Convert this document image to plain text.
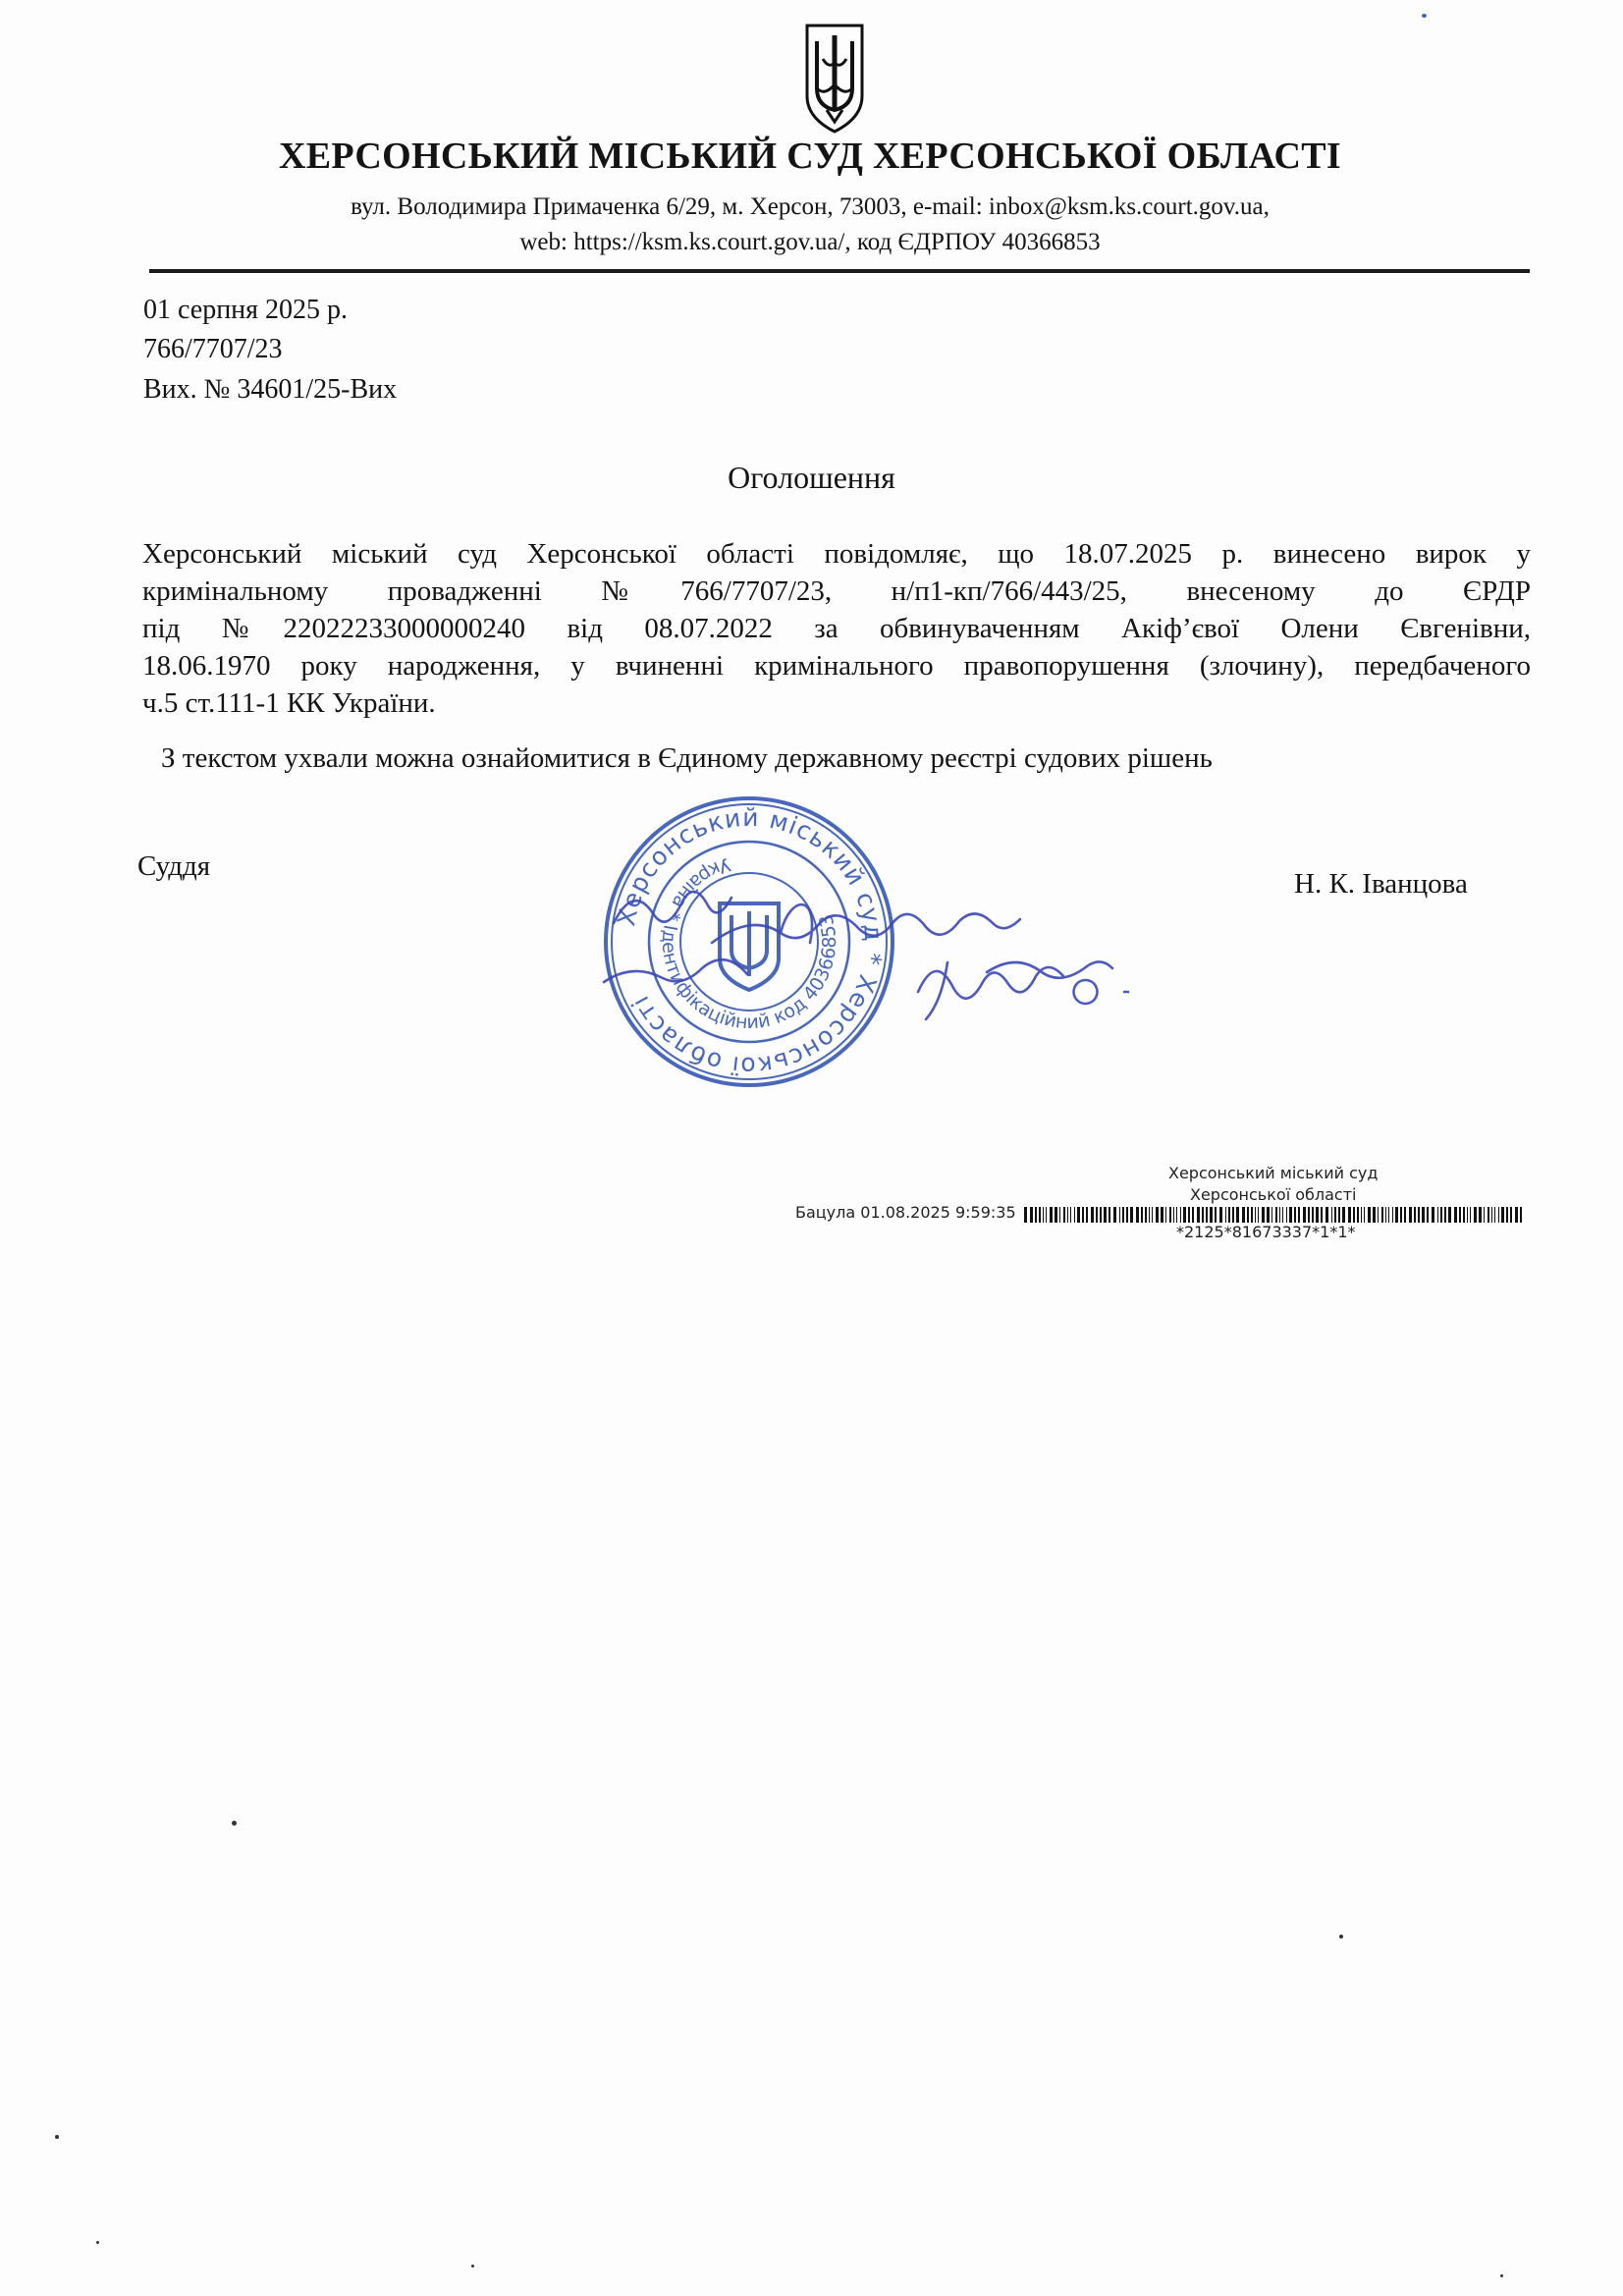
ХЕРСОНСЬКИЙ МІСЬКИЙ СУД ХЕРСОНСЬКОЇ ОБЛАСТІ
вул. Володимира Примаченка 6/29, м. Херсон, 73003, e-mail: inbox@ksm.ks.court.gov.ua,
web: https://ksm.ks.court.gov.ua/, код ЄДРПОУ 40366853
01 серпня 2025 р.
766/7707/23
Вих. № 34601/25-Вих
Оголошення
Херсонський міський суд Херсонської області повідомляє, що 18.07.2025 р. винесено вирок у
кримінальному провадженні №766/7707/23, н/п1-кп/766/443/25, внесеному до ЄРДР
під №22022233000000240 від 08.07.2022 за обвинуваченням Акіф’євої Олени Євгенівни,
18.06.1970 року народження, у вчиненні кримінального правопорушення (злочину), передбаченого
ч.5 ст.111-1 КК України.
З текстом ухвали можна ознайомитися в Єдиному державному реєстрі судових рішень
Суддя
Н. К. Іванцова
Херсонський міський суд * Херсонської області
Україна * Ідентифікаційний код 40366853
Херсонський міський суд
Херсонської області
Бацула 01.08.2025 9:59:35
*2125*81673337*1*1*
